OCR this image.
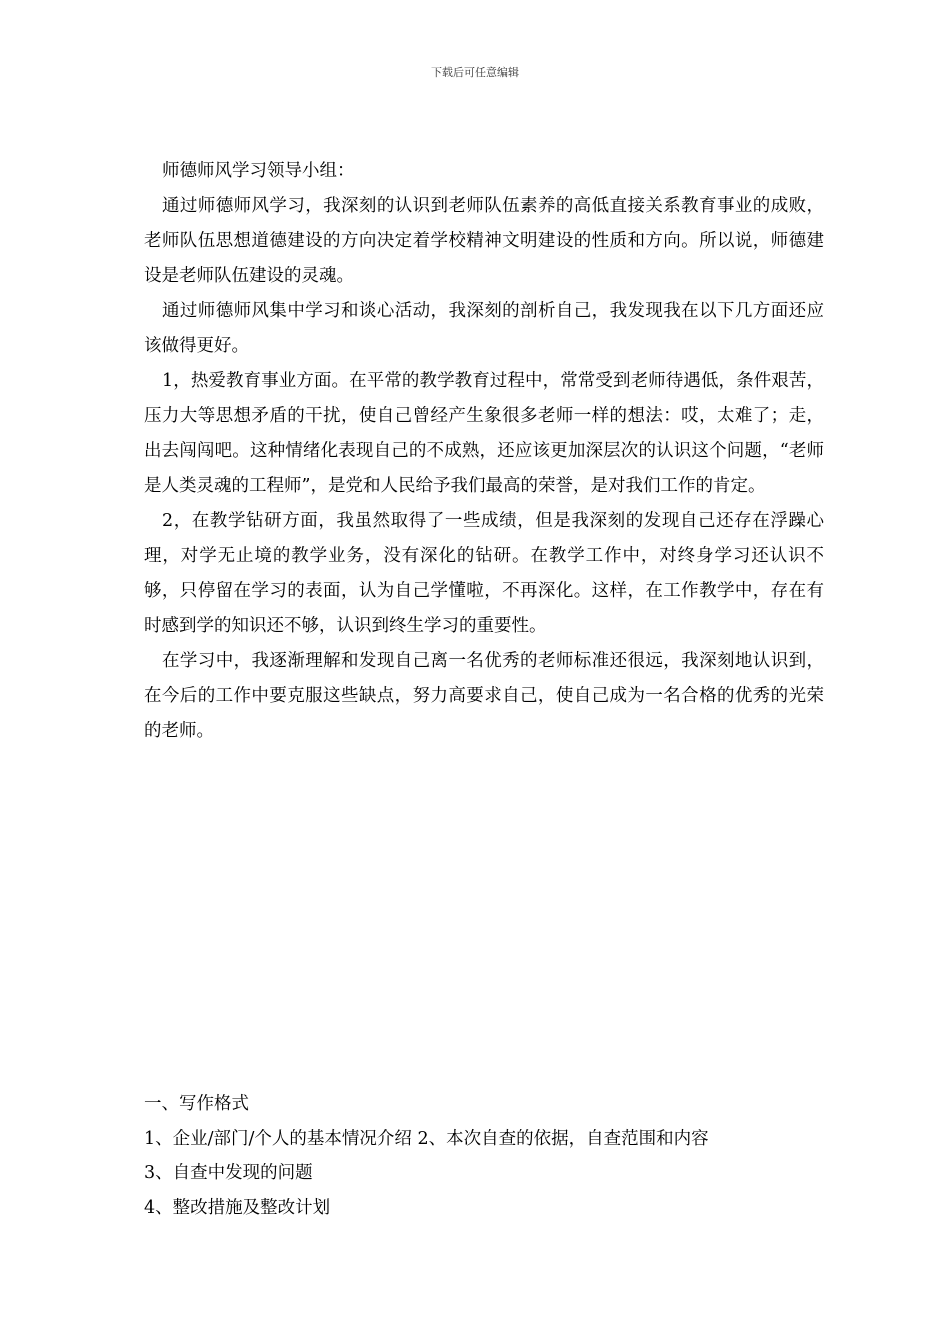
下载后可任意编辑

师德师风学习领导小组：

通过师德师风学习，我深刻的认识到老师队伍素养的高低直接关系教育事业的成败，老师队伍思想道德建设的方向决定着学校精神文明建设的性质和方向。所以说，师德建设是老师队伍建设的灵魂。

通过师德师风集中学习和谈心活动，我深刻的剖析自己，我发现我在以下几方面还应该做得更好。

1，热爱教育事业方面。在平常的教学教育过程中，常常受到老师待遇低，条件艰苦，压力大等思想矛盾的干扰，使自己曾经产生象很多老师一样的想法：哎，太难了；走，出去闯闯吧。这种情绪化表现自己的不成熟，还应该更加深层次的认识这个问题，“老师是人类灵魂的工程师”，是党和人民给予我们最高的荣誉，是对我们工作的肯定。

2，在教学钻研方面，我虽然取得了一些成绩，但是我深刻的发现自己还存在浮躁心理，对学无止境的教学业务，没有深化的钻研。在教学工作中，对终身学习还认识不够，只停留在学习的表面，认为自己学懂啦，不再深化。这样，在工作教学中，存在有时感到学的知识还不够，认识到终生学习的重要性。

在学习中，我逐渐理解和发现自己离一名优秀的老师标准还很远，我深刻地认识到，在今后的工作中要克服这些缺点，努力高要求自己，使自己成为一名合格的优秀的光荣的老师。

一、写作格式

1、企业/部门/个人的基本情况介绍 2、本次自查的依据，自查范围和内容

3、自查中发现的问题

4、整改措施及整改计划
